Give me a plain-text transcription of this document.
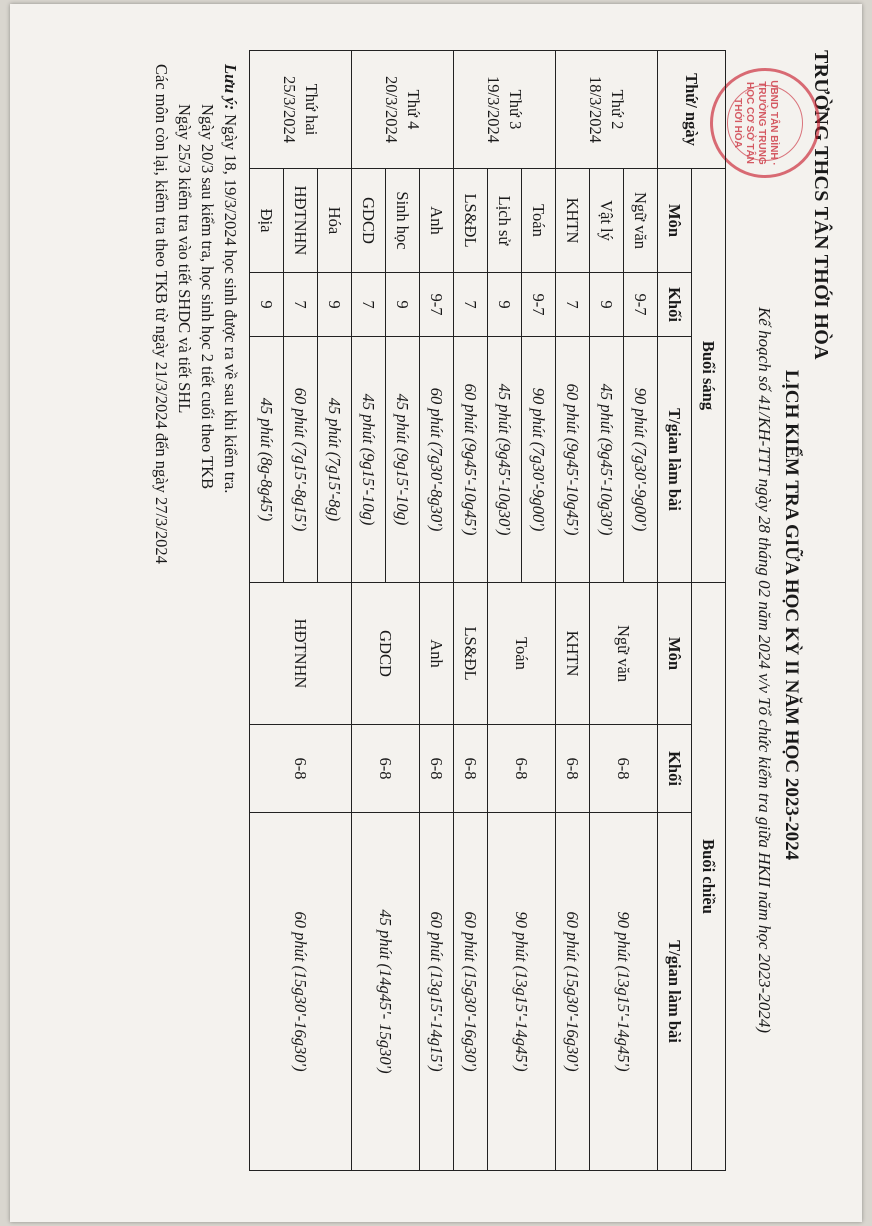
TRƯỜNG THCS TÂN THỚI HÒA
UBND TÂN BÌNH · TRƯỜNG TRUNG HỌC CƠ SỞ TÂN THỚI HÒA
LỊCH KIỂM TRA GIỮA HỌC KỲ II NĂM HỌC 2023-2024
Kế hoạch số 41/KH-TTT ngày 28 tháng 02 năm 2024 v/v Tổ chức kiểm tra giữa HKII năm học 2023-2024)
Thứ/ ngày	Buổi sáng			Buổi chiều		
	Môn	Khối	T/gian làm bài	Môn	Khối	T/gian làm bài

Thứ 2
18/3/2024	Ngữ văn	9-7	90 phút (7g30'-9g00')	Ngữ văn	6-8	90 phút (13g15'-14g45')
	Vật lý	9	45 phút (9g45'-10g30')			
	KHTN	7	60 phút (9g45'-10g45')	KHTN	6-8	60 phút (15g30'-16g30')

Thứ 3
19/3/2024	Toán	9-7	90 phút (7g30'-9g00')	Toán	6-8	90 phút (13g15'-14g45')
	Lịch sử	9	45 phút (9g45'-10g30')			
	LS&ĐL	7	60 phút (9g45'-10g45')	LS&ĐL	6-8	60 phút (15g30'-16g30')

Thứ 4
20/3/2024	Anh	9-7	60 phút (7g30'-8g30')	Anh	6-8	60 phút (13g15'-14g15')
	Sinh học	9	45 phút (9g15'-10g)	GDCD	6-8	45 phút (14g45'- 15g30')
	GDCD	7	45 phút (9g15'-10g)			

Thứ hai
25/3/2024	Hóa	9	45 phút (7g15'-8g)	HĐTNHN	6-8	60 phút (15g30'-16g30')
	HĐTNHN	7	60 phút (7g15'-8g15')			
	Địa	9	45 phút (8g-8g45')			
Lưu ý: Ngày 18, 19/3/2024 học sinh được ra về sau khi kiểm tra.
Ngày 20/3 sau kiểm tra, học sinh học 2 tiết cuối theo TKB
Ngày 25/3 kiểm tra vào tiết SHDC và tiết SHL
Các môn còn lại, kiểm tra theo TKB từ ngày 21/3/2024 đến ngày 27/3/2024
